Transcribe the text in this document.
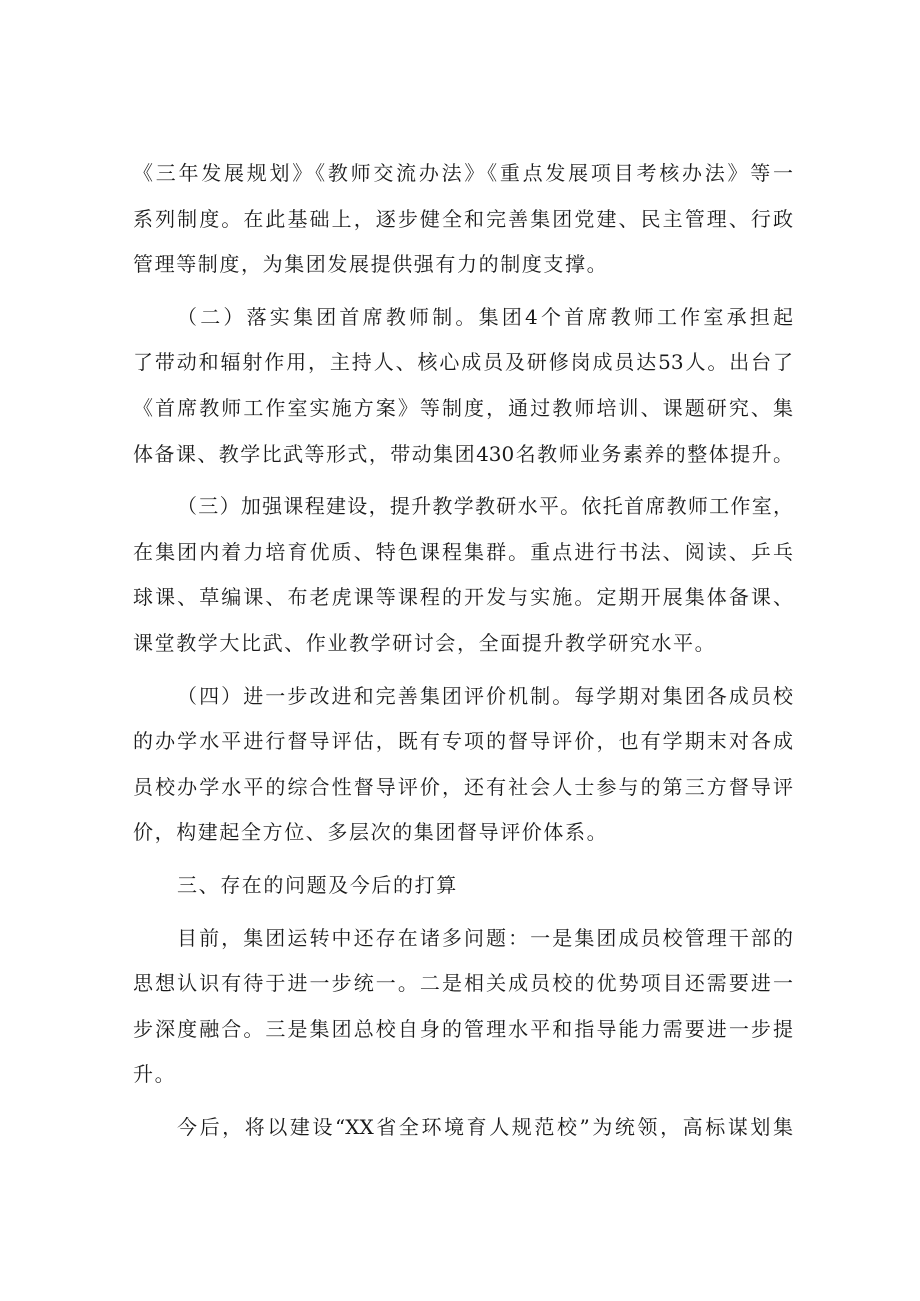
《三年发展规划》《教师交流办法》《重点发展项目考核办法》等一
系列制度。在此基础上，逐步健全和完善集团党建、民主管理、行政
管理等制度，为集团发展提供强有力的制度支撑。
（二）落实集团首席教师制。集团4个首席教师工作室承担起
了带动和辐射作用，主持人、核心成员及研修岗成员达53人。出台了
《首席教师工作室实施方案》等制度，通过教师培训、课题研究、集
体备课、教学比武等形式，带动集团430名教师业务素养的整体提升。
（三）加强课程建设，提升教学教研水平。依托首席教师工作室，
在集团内着力培育优质、特色课程集群。重点进行书法、阅读、乒乓
球课、草编课、布老虎课等课程的开发与实施。定期开展集体备课、
课堂教学大比武、作业教学研讨会，全面提升教学研究水平。
（四）进一步改进和完善集团评价机制。每学期对集团各成员校
的办学水平进行督导评估，既有专项的督导评价，也有学期末对各成
员校办学水平的综合性督导评价，还有社会人士参与的第三方督导评
价，构建起全方位、多层次的集团督导评价体系。
三、存在的问题及今后的打算
目前，集团运转中还存在诸多问题：一是集团成员校管理干部的
思想认识有待于进一步统一。二是相关成员校的优势项目还需要进一
步深度融合。三是集团总校自身的管理水平和指导能力需要进一步提
升。
今后，将以建设“XX省全环境育人规范校”为统领，高标谋划集
